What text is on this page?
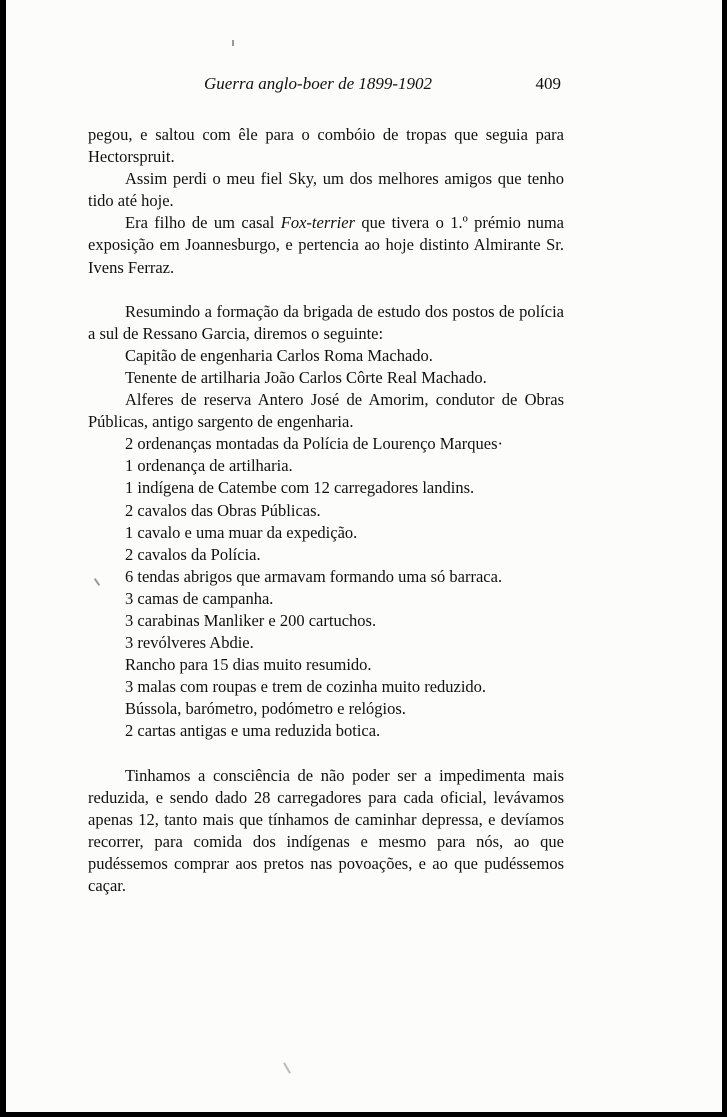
Guerra anglo-boer de 1899-1902	409

pegou, e saltou com êle para o combóio de tropas que seguia para Hectorspruit.

Assim perdi o meu fiel Sky, um dos melhores amigos que tenho tido até hoje.

Era filho de um casal Fox-terrier que tivera o 1.º prémio numa exposição em Joannesburgo, e pertencia ao hoje distinto Almirante Sr. Ivens Ferraz.

Resumindo a formação da brigada de estudo dos postos de polícia a sul de Ressano Garcia, diremos o seguinte:

Capitão de engenharia Carlos Roma Machado.

Tenente de artilharia João Carlos Côrte Real Machado.

Alferes de reserva Antero José de Amorim, condutor de Obras Públicas, antigo sargento de engenharia.

2 ordenanças montadas da Polícia de Lourenço Marques·

1 ordenança de artilharia.

1 indígena de Catembe com 12 carregadores landins.

2 cavalos das Obras Públicas.

1 cavalo e uma muar da expedição.

2 cavalos da Polícia.

6 tendas abrigos que armavam formando uma só barraca.

3 camas de campanha.

3 carabinas Manliker e 200 cartuchos.

3 revólveres Abdie.

Rancho para 15 dias muito resumido.

3 malas com roupas e trem de cozinha muito reduzido.

Bússola, barómetro, podómetro e relógios.

2 cartas antigas e uma reduzida botica.

Tinhamos a consciência de não poder ser a impedimenta mais reduzida, e sendo dado 28 carregadores para cada oficial, levávamos apenas 12, tanto mais que tínhamos de caminhar depressa, e devíamos recorrer, para comida dos indígenas e mesmo para nós, ao que pudéssemos comprar aos pretos nas povoações, e ao que pudéssemos caçar.
